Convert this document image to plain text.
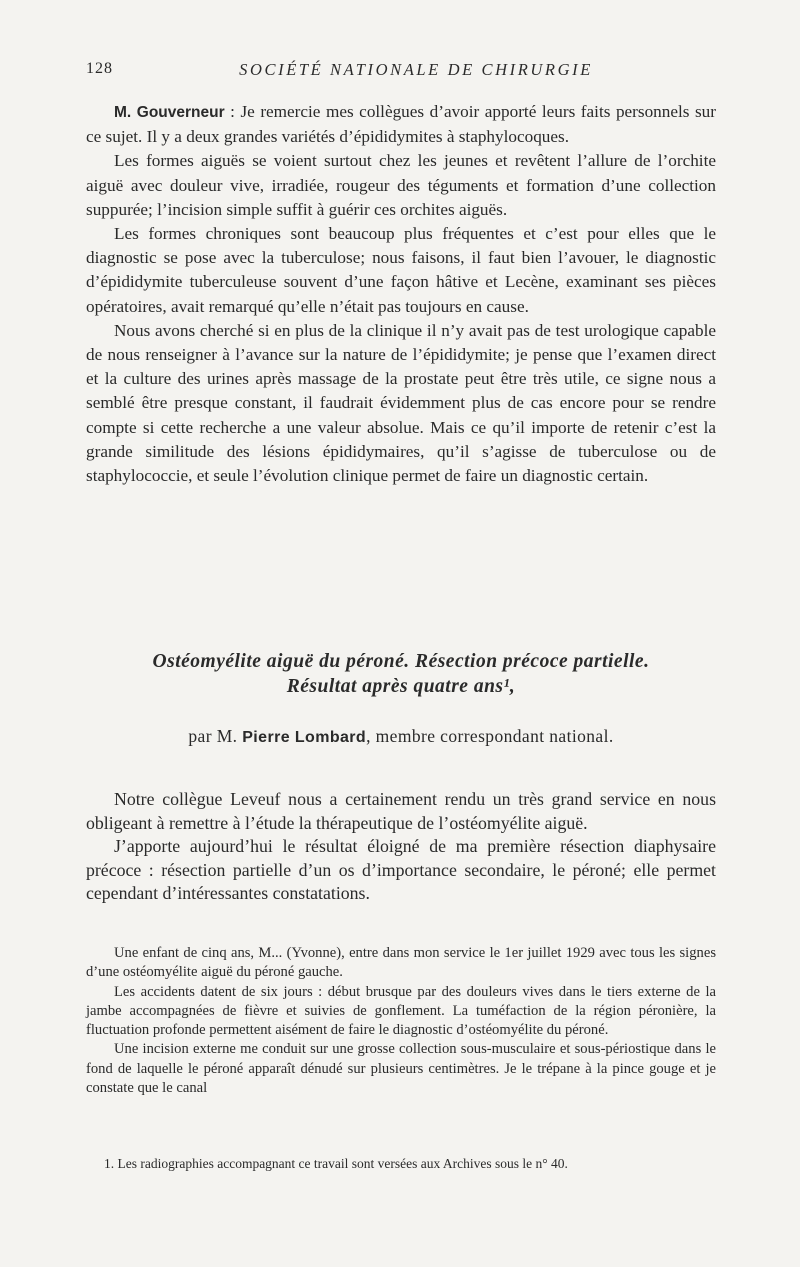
128	SOCIÉTÉ NATIONALE DE CHIRURGIE

M. Gouverneur : Je remercie mes collègues d’avoir apporté leurs faits personnels sur ce sujet. Il y a deux grandes variétés d’épididymites à staphylocoques.

Les formes aiguës se voient surtout chez les jeunes et revêtent l’allure de l’orchite aiguë avec douleur vive, irradiée, rougeur des téguments et formation d’une collection suppurée; l’incision simple suffit à guérir ces orchites aiguës.

Les formes chroniques sont beaucoup plus fréquentes et c’est pour elles que le diagnostic se pose avec la tuberculose; nous faisons, il faut bien l’avouer, le diagnostic d’épididymite tuberculeuse souvent d’une façon hâtive et Lecène, examinant ses pièces opératoires, avait remarqué qu’elle n’était pas toujours en cause.

Nous avons cherché si en plus de la clinique il n’y avait pas de test urologique capable de nous renseigner à l’avance sur la nature de l’épididymite; je pense que l’examen direct et la culture des urines après massage de la prostate peut être très utile, ce signe nous a semblé être presque constant, il faudrait évidemment plus de cas encore pour se rendre compte si cette recherche a une valeur absolue. Mais ce qu’il importe de retenir c’est la grande similitude des lésions épididymaires, qu’il s’agisse de tuberculose ou de staphylococcie, et seule l’évolution clinique permet de faire un diagnostic certain.

Ostéomyélite aiguë du péroné. Résection précoce partielle.
Résultat après quatre ans¹,
par M. Pierre Lombard, membre correspondant national.

Notre collègue Leveuf nous a certainement rendu un très grand service en nous obligeant à remettre à l’étude la thérapeutique de l’ostéomyélite aiguë.

J’apporte aujourd’hui le résultat éloigné de ma première résection diaphysaire précoce : résection partielle d’un os d’importance secondaire, le péroné; elle permet cependant d’intéressantes constatations.

Une enfant de cinq ans, M... (Yvonne), entre dans mon service le 1er juillet 1929 avec tous les signes d’une ostéomyélite aiguë du péroné gauche.

Les accidents datent de six jours : début brusque par des douleurs vives dans le tiers externe de la jambe accompagnées de fièvre et suivies de gonflement. La tuméfaction de la région péronière, la fluctuation profonde permettent aisément de faire le diagnostic d’ostéomyélite du péroné.

Une incision externe me conduit sur une grosse collection sous-musculaire et sous-périostique dans le fond de laquelle le péroné apparaît dénudé sur plusieurs centimètres. Je le trépane à la pince gouge et je constate que le canal

1. Les radiographies accompagnant ce travail sont versées aux Archives sous le n° 40.
